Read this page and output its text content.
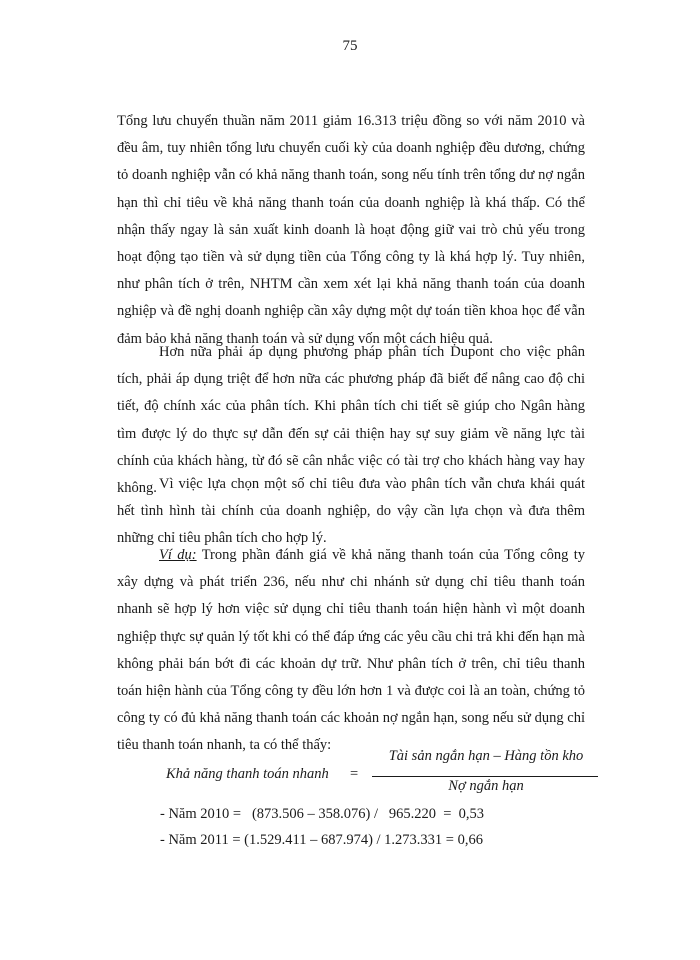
75

Tổng lưu chuyển thuần năm 2011 giảm 16.313 triệu đồng so với năm 2010 và đều âm, tuy nhiên tổng lưu chuyển cuối kỳ của doanh nghiệp đều dương, chứng tỏ doanh nghiệp vẫn có khả năng thanh toán, song nếu tính trên tổng dư nợ ngắn hạn thì chỉ tiêu về khả năng thanh toán của doanh nghiệp là khá thấp. Có thể nhận thấy ngay là sản xuất kinh doanh là hoạt động giữ vai trò chủ yếu trong hoạt động tạo tiền và sử dụng tiền của Tổng công ty là khá hợp lý. Tuy nhiên, như phân tích ở trên, NHTM cần xem xét lại khả năng thanh toán của doanh nghiệp và đề nghị doanh nghiệp cần xây dựng một dự toán tiền khoa học để vẫn đảm bảo khả năng thanh toán và sử dụng vốn một cách hiệu quả.

Hơn nữa phải áp dụng phương pháp phân tích Dupont cho việc phân tích, phải áp dụng triệt để hơn nữa các phương pháp đã biết để nâng cao độ chi tiết, độ chính xác của phân tích. Khi phân tích chi tiết sẽ giúp cho Ngân hàng tìm được lý do thực sự dẫn đến sự cải thiện hay sự suy giảm về năng lực tài chính của khách hàng, từ đó sẽ cân nhắc việc có tài trợ cho khách hàng vay hay không. Vì việc lựa chọn một số chỉ tiêu đưa vào phân tích vẫn chưa khái quát hết tình hình tài chính của doanh nghiệp, do vậy cần lựa chọn và đưa thêm những chỉ tiêu phân tích cho hợp lý.

Ví dụ: Trong phần đánh giá về khả năng thanh toán của Tổng công ty xây dựng và phát triển 236, nếu như chi nhánh sử dụng chỉ tiêu thanh toán nhanh sẽ hợp lý hơn việc sử dụng chỉ tiêu thanh toán hiện hành vì một doanh nghiệp thực sự quản lý tốt khi có thể đáp ứng các yêu cầu chi trả khi đến hạn mà không phải bán bớt đi các khoản dự trữ. Như phân tích ở trên, chỉ tiêu thanh toán hiện hành của Tổng công ty đều lớn hơn 1 và được coi là an toàn, chứng tỏ công ty có đủ khả năng thanh toán các khoản nợ ngắn hạn, song nếu sử dụng chỉ tiêu thanh toán nhanh, ta có thể thấy:

Khả năng thanh toán nhanh =
Tài sản ngắn hạn – Hàng tồn kho
Nợ ngắn hạn
- Năm 2010 =   (873.506 – 358.076) /   965.220  =  0,53
- Năm 2011 = (1.529.411 – 687.974) / 1.273.331 = 0,66
